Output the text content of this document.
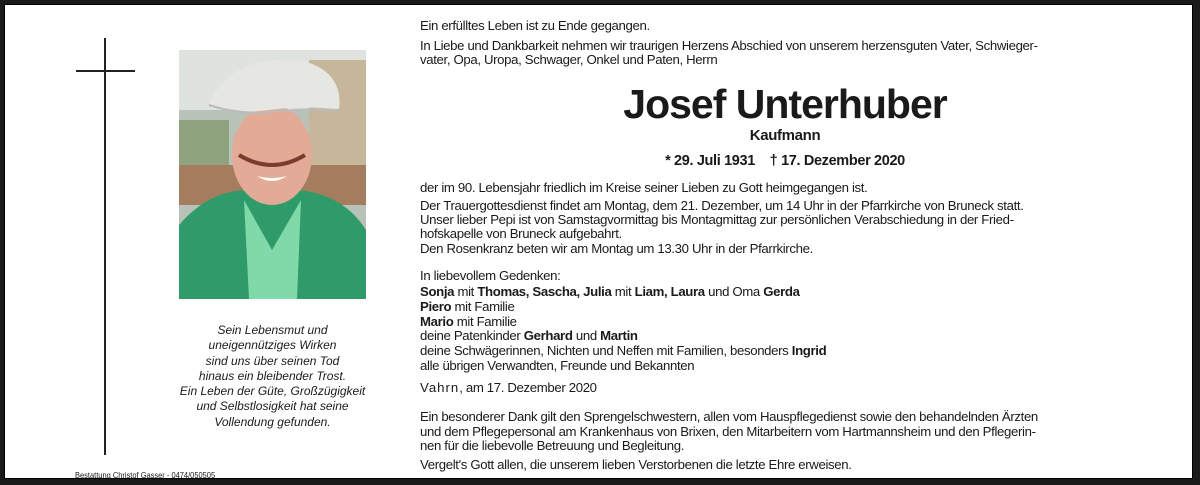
Sein Lebensmut und
uneigennütziges Wirken
sind uns über seinen Tod
hinaus ein bleibender Trost.
Ein Leben der Güte, Großzügigkeit
und Selbstlosigkeit hat seine
Vollendung gefunden.
Bestattung Christof Gasser - 0474/050505
Ein erfülltes Leben ist zu Ende gegangen.
In Liebe und Dankbarkeit nehmen wir traurigen Herzens Abschied von unserem herzensguten Vater, Schwieger-
vater, Opa, Uropa, Schwager, Onkel und Paten, Herrn
Josef Unterhuber
Kaufmann
* 29. Juli 1931 † 17. Dezember 2020
der im 90. Lebensjahr friedlich im Kreise seiner Lieben zu Gott heimgegangen ist.
Der Trauergottesdienst findet am Montag, dem 21. Dezember, um 14 Uhr in der Pfarrkirche von Bruneck statt.
Unser lieber Pepi ist von Samstagvormittag bis Montagmittag zur persönlichen Verabschiedung in der Fried-
hofskapelle von Bruneck aufgebahrt.
Den Rosenkranz beten wir am Montag um 13.30 Uhr in der Pfarrkirche.
In liebevollem Gedenken:
Sonja mit Thomas, Sascha, Julia mit Liam, Laura und Oma Gerda
Piero mit Familie
Mario mit Familie
deine Patenkinder Gerhard und Martin
deine Schwägerinnen, Nichten und Neffen mit Familien, besonders Ingrid
alle übrigen Verwandten, Freunde und Bekannten
Vahrn, am 17. Dezember 2020
Ein besonderer Dank gilt den Sprengelschwestern, allen vom Hauspflegedienst sowie den behandelnden Ärzten
und dem Pflegepersonal am Krankenhaus von Brixen, den Mitarbeitern vom Hartmannsheim und den Pflegerin-
nen für die liebevolle Betreuung und Begleitung.
Vergelt's Gott allen, die unserem lieben Verstorbenen die letzte Ehre erweisen.
